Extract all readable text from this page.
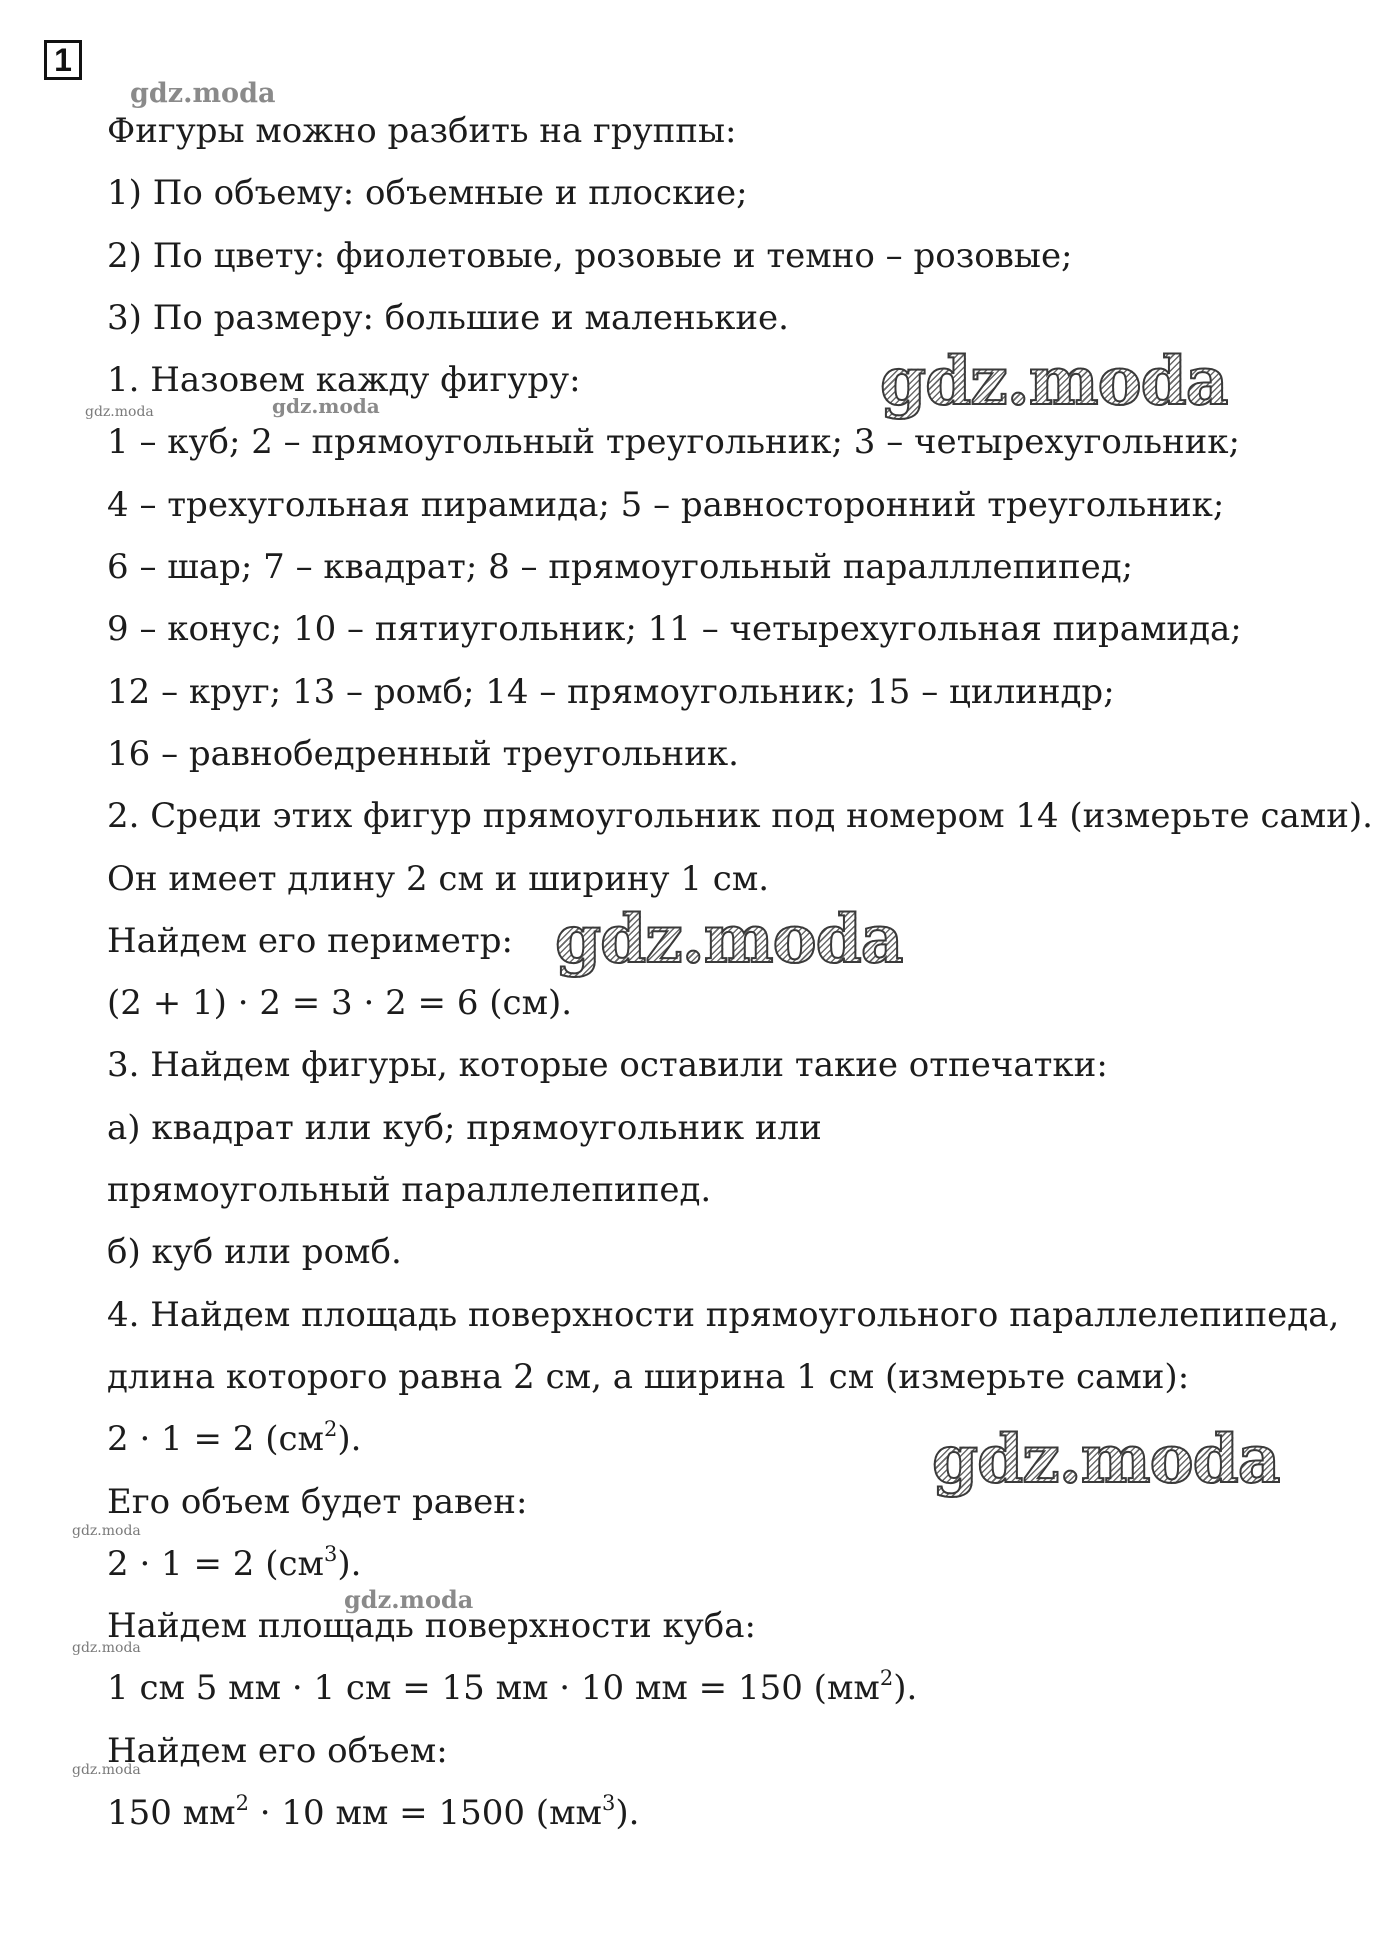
1
Фигуры можно разбить на группы:
1) По объему: объемные и плоские;
2) По цвету: фиолетовые, розовые и темно – розовые;
3) По размеру: большие и маленькие.
1. Назовем кажду фигуру:
1 – куб; 2 – прямоугольный треугольник; 3 – четырехугольник;
4 – трехугольная пирамида; 5 – равносторонний треугольник;
6 – шар; 7 – квадрат; 8 – прямоугольный паралллепипед;
9 – конус; 10 – пятиугольник; 11 – четырехугольная пирамида;
12 – круг; 13 – ромб; 14 – прямоугольник; 15 – цилиндр;
16 – равнобедренный треугольник.
2. Среди этих фигур прямоугольник под номером 14 (измерьте сами).
Он имеет длину 2 см и ширину 1 см.
Найдем его периметр:
(2 + 1) · 2 = 3 · 2 = 6 (см).
3. Найдем фигуры, которые оставили такие отпечатки:
а) квадрат или куб; прямоугольник или
прямоугольный параллелепипед.
б) куб или ромб.
4. Найдем площадь поверхности прямоугольного параллелепипеда,
длина которого равна 2 см, а ширина 1 см (измерьте сами):
2 · 1 = 2 $(см^2)$.
Его объем будет равен:
2 · 1 = 2 $(см^3)$.
Найдем площадь поверхности куба:
1 см 5 мм · 1 см = 15 мм · 10 мм = 150 $(мм^2)$.
Найдем его объем:
150 $мм^2 \cdot 10$ мм = 1500 $(мм^3)$.
gdz.moda
gdz.moda
gdz.moda
gdz.moda
gdz.moda
gdz.moda
gdz.moda
gdz.moda
gdz.moda
gdz.moda
